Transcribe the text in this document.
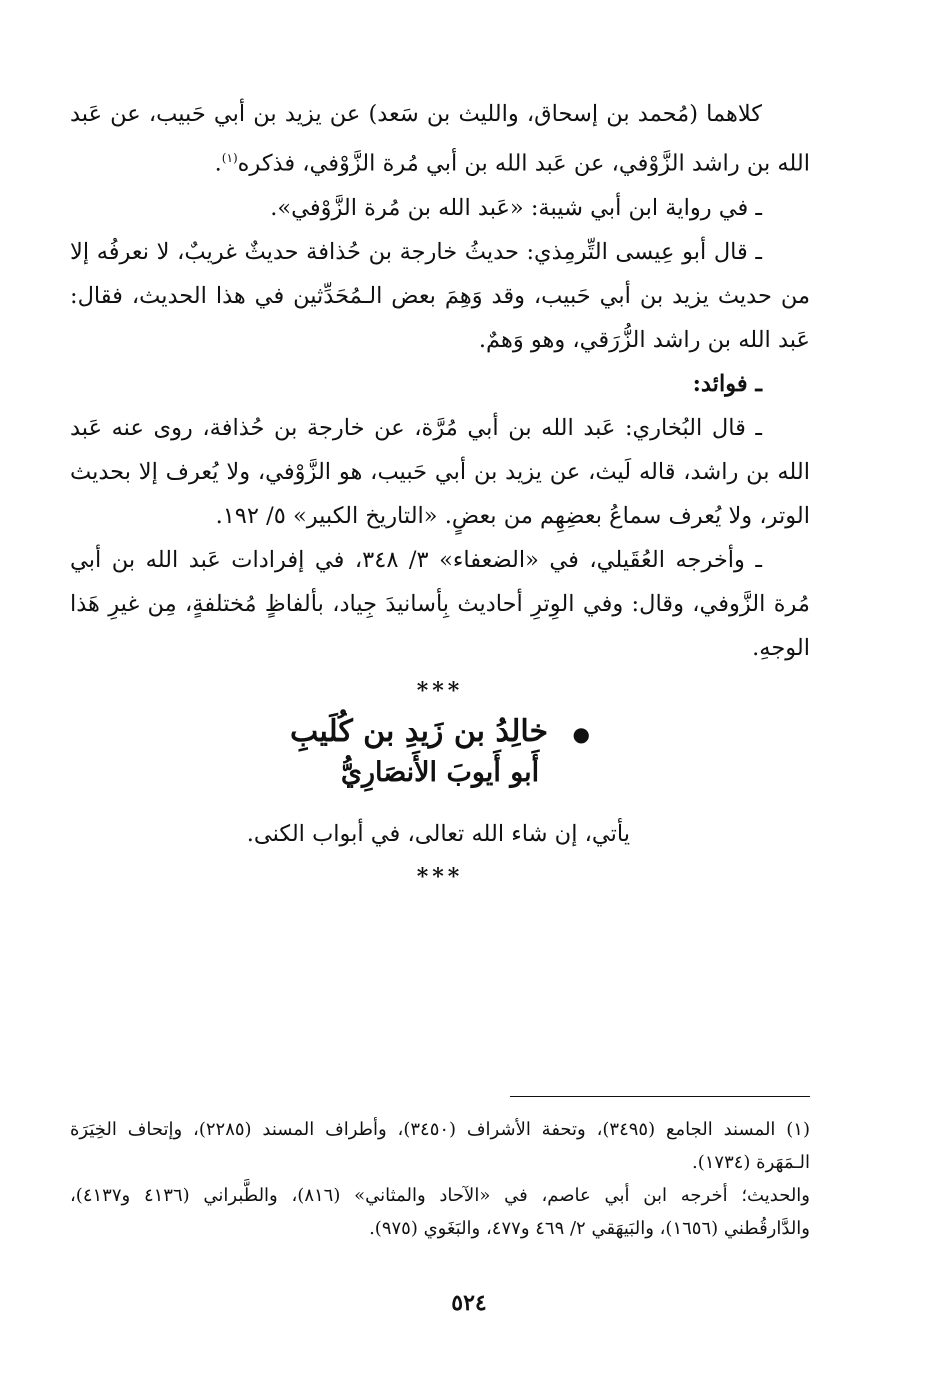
كلاهما (مُحمد بن إسحاق، والليث بن سَعد) عن يزيد بن أبي حَبيب، عن عَبد الله بن راشد الزَّوْفي، عن عَبد الله بن أبي مُرة الزَّوْفي، فذكره$^{(١)}$.

ـ في رواية ابن أبي شيبة: «عَبد الله بن مُرة الزَّوْفي».

ـ قال أبو عِيسى التِّرمِذي: حديثُ خارجة بن حُذافة حديثٌ غريبٌ، لا نعرفُه إلا من حديث يزيد بن أبي حَبيب، وقد وَهِمَ بعض الـمُحَدِّثين في هذا الحديث، فقال: عَبد الله بن راشد الزُّرَقي، وهو وَهمٌ.

ـ فوائد:

ـ قال البُخاري: عَبد الله بن أبي مُرَّة، عن خارجة بن حُذافة، روى عنه عَبد الله بن راشد، قاله لَيث، عن يزيد بن أبي حَبيب، هو الزَّوْفي، ولا يُعرف إلا بحديث الوتر، ولا يُعرف سماعُ بعضِهِم من بعضٍ. «التاريخ الكبير» ٥/ ١٩٢.

ـ وأخرجه العُقَيلي، في «الضعفاء» ٣/ ٣٤٨، في إفرادات عَبد الله بن أبي مُرة الزَّوفي، وقال: وفي الوِترِ أحاديث بِأسانيدَ جِياد، بألفاظٍ مُختلفةٍ، مِن غيرِ هَذا الوجهِ.

***
● خالِدُ بن زَيدِ بن كُلَيبِ
أَبو أَيوبَ الأَنصَارِيُّ
يأتي، إن شاء الله تعالى، في أبواب الكنى.
***

(١) المسند الجامع (٣٤٩٥)، وتحفة الأشراف (٣٤٥٠)، وأطراف المسند (٢٢٨٥)، وإتحاف الخِيَرَة الـمَهَرة (١٧٣٤).

والحديث؛ أخرجه ابن أبي عاصم، في «الآحاد والمثاني» (٨١٦)، والطَّبراني (٤١٣٦ و٤١٣٧)، والدَّارقُطني (١٦٥٦)، والبَيهَقي ٢/ ٤٦٩ و٤٧٧، والبَغَوي (٩٧٥).

٥٢٤
